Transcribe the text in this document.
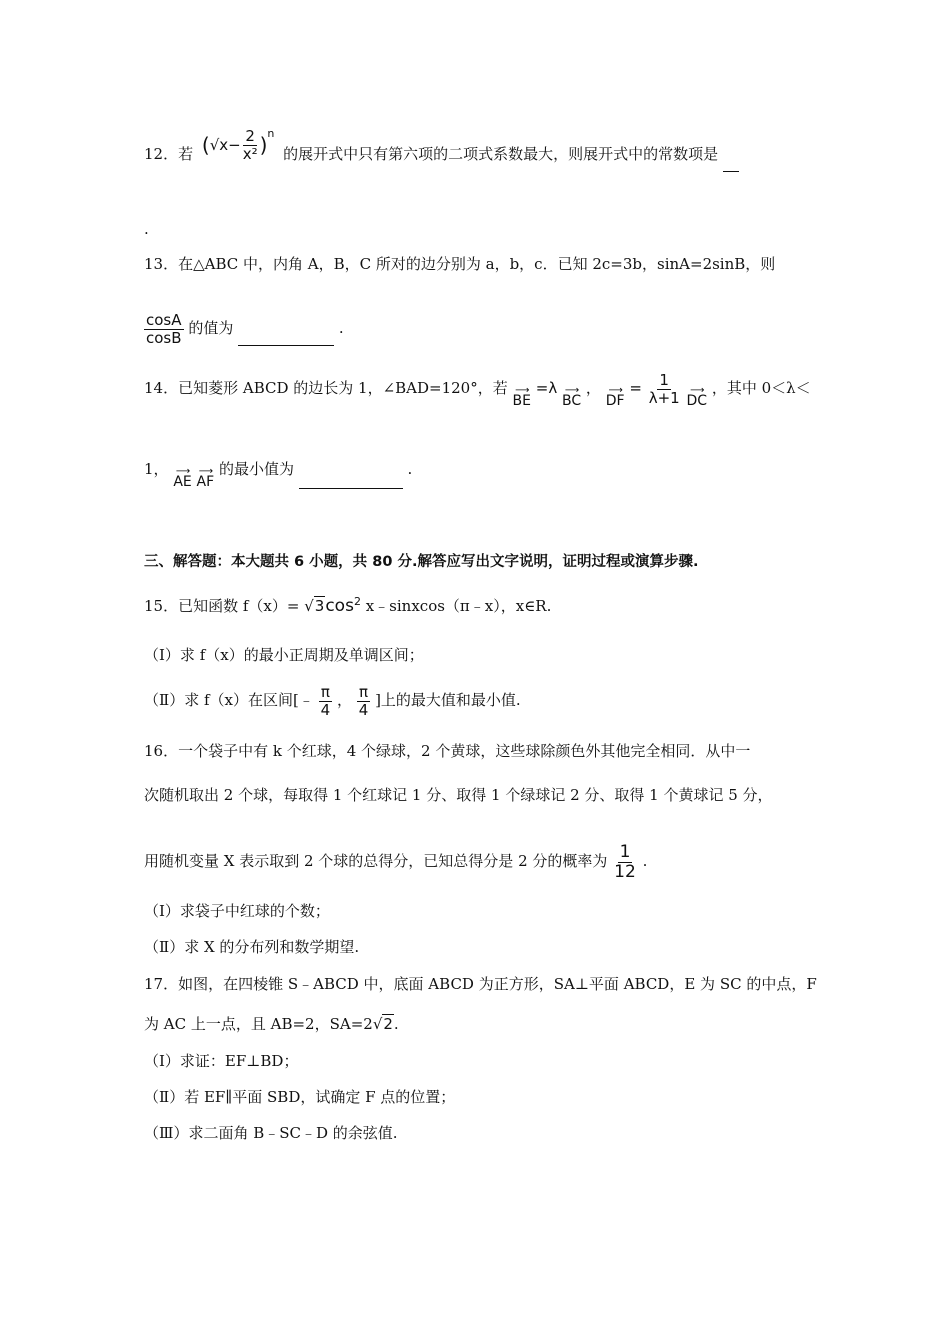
12．若 ( $√x - \frac{2}{\text{x²}} )^n$
的展开式中只有第六项的二项式系数最大，则展开式中的常数项是
.
13．在△ABC 中，内角 A，B，C 所对的边分别为 a，b，c．已知 2c=3b，sinA=2sinB，则
$\frac{\cos A}{\cos B}$ 的值为	.
14．已知菱形 ABCD 的边长为 1，∠BAD=120°，若 ⟶
BE
=λ ⟶
BC
， ⟶
DF
= $\frac{1}{\lambda+1}$
⟶
DC
，其中 0＜λ＜
1， ⟶
AE

⟶
AF
的最小值为	.
三、解答题：本大题共 6 小题，共 80 分.解答应写出文字说明，证明过程或演算步骤.
15．已知函数 $f(x)= √3\cos^2$ x﹣sinxcos（π﹣x），x∈R.
（Ⅰ）求 f（x）的最小正周期及单调区间；
（Ⅱ）求 f（x）在区间[﹣ $\frac{\pi}{4}$ ， $\frac{\pi}{4}$ ]上的最大值和最小值.
16．一个袋子中有 k 个红球，4 个绿球，2 个黄球，这些球除颜色外其他完全相同．从中一
次随机取出 2 个球，每取得 1 个红球记 1 分、取得 1 个绿球记 2 分、取得 1 个黄球记 5 分，
用随机变量 X 表示取到 2 个球的总得分，已知总得分是 2 分的概率为 $\frac{1}{12}$ .
（Ⅰ）求袋子中红球的个数；
（Ⅱ）求 X 的分布列和数学期望.
17．如图，在四棱锥 S﹣ABCD 中，底面 ABCD 为正方形，SA⊥平面 ABCD，E 为 SC 的中点，F
为 AC 上一点，且 AB=2，SA=2√2.
（Ⅰ）求证：EF⊥BD；
（Ⅱ）若 EF∥平面 SBD，试确定 F 点的位置；
（Ⅲ）求二面角 B﹣SC﹣D 的余弦值.
